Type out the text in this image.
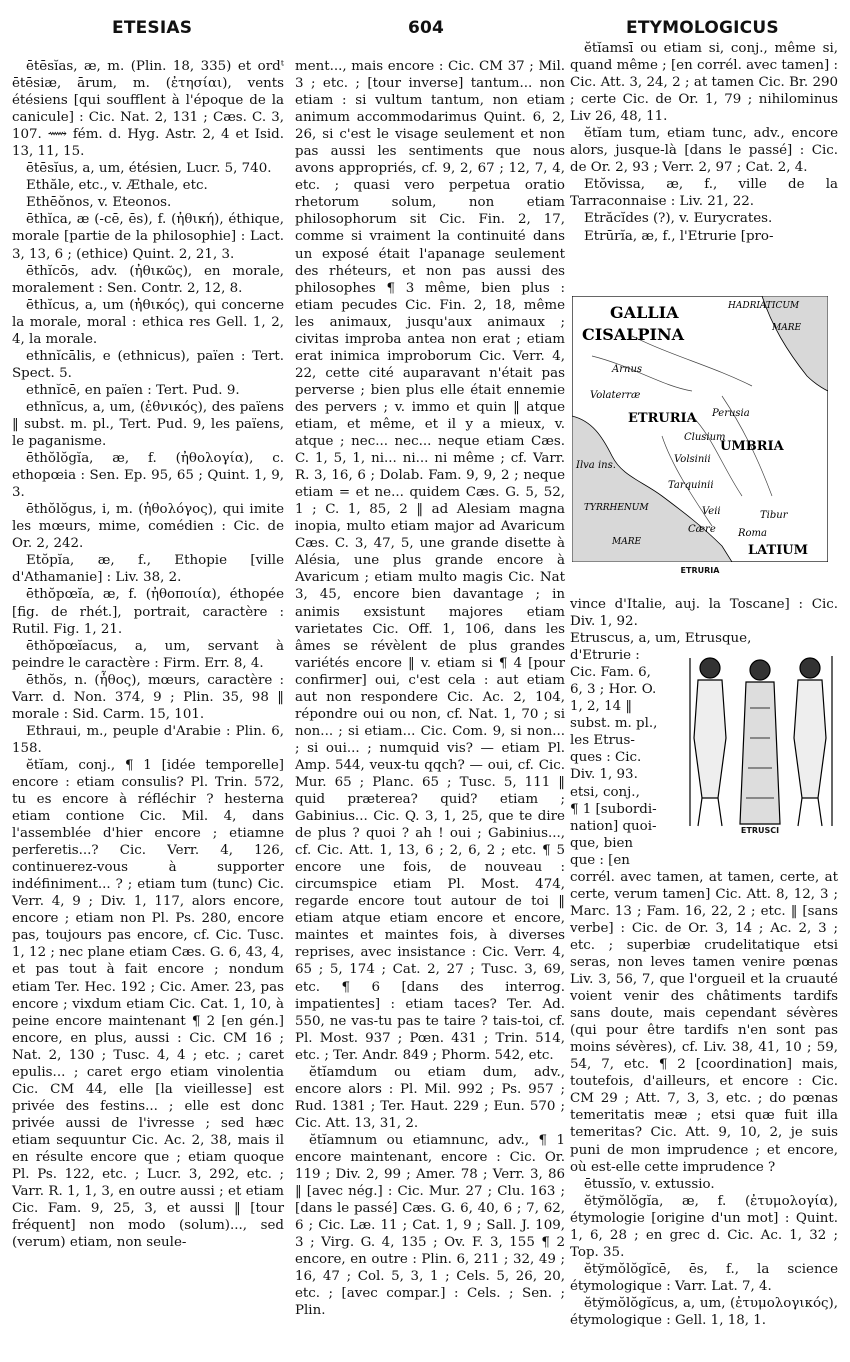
ETESIAS	604	ETYMOLOGICUS

ētēsĭas, æ, m. (Plin. 18, 335) et ordᵗ ētēsiæ, ārum, m. (ἐτησίαι), vents étésiens [qui soufflent à l'époque de la canicule] : Cic. Nat. 2, 131 ; Cæs. C. 3, 107. ⟿ fém. d. Hyg. Astr. 2, 4 et Isid. 13, 11, 15.

ētēsĭus, a, um, étésien, Lucr. 5, 740.

Ethăle, etc., v. Æthale, etc.

Ethēŏnos, v. Eteonos.

ēthĭca, æ (-cē, ēs), f. (ἠθική), éthique, morale [partie de la philosophie] : Lact. 3, 13, 6 ; (ethice) Quint. 2, 21, 3.

ēthĭcōs, adv. (ἠθικῶς), en morale, moralement : Sen. Contr. 2, 12, 8.

ēthĭcus, a, um (ἠθικός), qui concerne la morale, moral : ethica res Gell. 1, 2, 4, la morale.

ethnĭcālis, e (ethnicus), païen : Tert. Spect. 5.

ethnĭcē, en païen : Tert. Pud. 9.

ethnĭcus, a, um, (ἐθνικός), des païens ‖ subst. m. pl., Tert. Pud. 9, les païens, le paganisme.

ēthŏlŏgĭa, æ, f. (ἠθολογία), c. ethopœia : Sen. Ep. 95, 65 ; Quint. 1, 9, 3.

ēthŏlŏgus, i, m. (ἠθολόγος), qui imite les mœurs, mime, comédien : Cic. de Or. 2, 242.

Etŏpĭa, æ, f., Ethopie [ville d'Athamanie] : Liv. 38, 2.

ēthŏpœĭa, æ, f. (ἠθοποιία), éthopée [fig. de rhét.], portrait, caractère : Rutil. Fig. 1, 21.

ēthŏpœĭacus, a, um, servant à peindre le caractère : Firm. Err. 8, 4.

ēthŏs, n. (ἦθος), mœurs, caractère : Varr. d. Non. 374, 9 ; Plin. 35, 98 ‖ morale : Sid. Carm. 15, 101.

Ethraui, m., peuple d'Arabie : Plin. 6, 158.

ĕtĭam, conj., ¶ 1 [idée temporelle] encore : etiam consulis? Pl. Trin. 572, tu es encore à réfléchir ? hesterna etiam contione Cic. Mil. 4, dans l'assemblée d'hier encore ; etiamne perferetis...? Cic. Verr. 4, 126, continuerez-vous à supporter indéfiniment... ? ; etiam tum (tunc) Cic. Verr. 4, 9 ; Div. 1, 117, alors encore, encore ; etiam non Pl. Ps. 280, encore pas, toujours pas encore, cf. Cic. Tusc. 1, 12 ; nec plane etiam Cæs. G. 6, 43, 4, et pas tout à fait encore ; nondum etiam Ter. Hec. 192 ; Cic. Amer. 23, pas encore ; vixdum etiam Cic. Cat. 1, 10, à peine encore maintenant ¶ 2 [en gén.] encore, en plus, aussi : Cic. CM 16 ; Nat. 2, 130 ; Tusc. 4, 4 ; etc. ; caret epulis... ; caret ergo etiam vinolentia Cic. CM 44, elle [la vieillesse] est privée des festins... ; elle est donc privée aussi de l'ivresse ; sed hæc etiam sequuntur Cic. Ac. 2, 38, mais il en résulte encore que ; etiam quoque Pl. Ps. 122, etc. ; Lucr. 3, 292, etc. ; Varr. R. 1, 1, 3, en outre aussi ; et etiam Cic. Fam. 9, 25, 3, et aussi ‖ [tour fréquent] non modo (solum)..., sed (verum) etiam, non seule-

ment..., mais encore : Cic. CM 37 ; Mil. 3 ; etc. ; [tour inverse] tantum... non etiam : si vultum tantum, non etiam animum accommodarimus Quint. 6, 2, 26, si c'est le visage seulement et non pas aussi les sentiments que nous avons appropriés, cf. 9, 2, 67 ; 12, 7, 4, etc. ; quasi vero perpetua oratio rhetorum solum, non etiam philosophorum sit Cic. Fin. 2, 17, comme si vraiment la continuité dans un exposé était l'apanage seulement des rhéteurs, et non pas aussi des philosophes ¶ 3 même, bien plus : etiam pecudes Cic. Fin. 2, 18, même les animaux, jusqu'aux animaux ; civitas improba antea non erat ; etiam erat inimica improborum Cic. Verr. 4, 22, cette cité auparavant n'était pas perverse ; bien plus elle était ennemie des pervers ; v. immo et quin ‖ atque etiam, et même, et il y a mieux, v. atque ; nec... nec... neque etiam Cæs. C. 1, 5, 1, ni... ni... ni même ; cf. Varr. R. 3, 16, 6 ; Dolab. Fam. 9, 9, 2 ; neque etiam = et ne... quidem Cæs. G. 5, 52, 1 ; C. 1, 85, 2 ‖ ad Alesiam magna inopia, multo etiam major ad Avaricum Cæs. C. 3, 47, 5, une grande disette à Alésia, une plus grande encore à Avaricum ; etiam multo magis Cic. Nat 3, 45, encore bien davantage ; in animis exsistunt majores etiam varietates Cic. Off. 1, 106, dans les âmes se révèlent de plus grandes variétés encore ‖ v. etiam si ¶ 4 [pour confirmer] oui, c'est cela : aut etiam aut non respondere Cic. Ac. 2, 104, répondre oui ou non, cf. Nat. 1, 70 ; si non... ; si etiam... Cic. Com. 9, si non... ; si oui... ; numquid vis? — etiam Pl. Amp. 544, veux-tu qqch? — oui, cf. Cic. Mur. 65 ; Planc. 65 ; Tusc. 5, 111 ‖ quid præterea? quid? etiam ; Gabinius... Cic. Q. 3, 1, 25, que te dire de plus ? quoi ? ah ! oui ; Gabinius..., cf. Cic. Att. 1, 13, 6 ; 2, 6, 2 ; etc. ¶ 5 encore une fois, de nouveau : circumspice etiam Pl. Most. 474, regarde encore tout autour de toi ‖ etiam atque etiam encore et encore, maintes et maintes fois, à diverses reprises, avec insistance : Cic. Verr. 4, 65 ; 5, 174 ; Cat. 2, 27 ; Tusc. 3, 69, etc. ¶ 6 [dans des interrog. impatientes] : etiam taces? Ter. Ad. 550, ne vas-tu pas te taire ? tais-toi, cf. Pl. Most. 937 ; Pœn. 431 ; Trin. 514, etc. ; Ter. Andr. 849 ; Phorm. 542, etc.

ĕtĭamdum ou etiam dum, adv., encore alors : Pl. Mil. 992 ; Ps. 957 ; Rud. 1381 ; Ter. Haut. 229 ; Eun. 570 ; Cic. Att. 13, 31, 2.

ĕtĭamnum ou etiamnunc, adv., ¶ 1 encore maintenant, encore : Cic. Or. 119 ; Div. 2, 99 ; Amer. 78 ; Verr. 3, 86 ‖ [avec nég.] : Cic. Mur. 27 ; Clu. 163 ; [dans le passé] Cæs. G. 6, 40, 6 ; 7, 62, 6 ; Cic. Læ. 11 ; Cat. 1, 9 ; Sall. J. 109, 3 ; Virg. G. 4, 135 ; Ov. F. 3, 155 ¶ 2 encore, en outre : Plin. 6, 211 ; 32, 49 ; 16, 47 ; Col. 5, 3, 1 ; Cels. 5, 26, 20, etc. ; [avec compar.] : Cels. ; Sen. ; Plin.

ĕtĭamsī ou etiam si, conj., même si, quand même ; [en corrél. avec tamen] : Cic. Att. 3, 24, 2 ; at tamen Cic. Br. 290 ; certe Cic. de Or. 1, 79 ; nihilominus Liv 26, 48, 11.

ĕtĭam tum, etiam tunc, adv., encore alors, jusque-là [dans le passé] : Cic. de Or. 2, 93 ; Verr. 2, 97 ; Cat. 2, 4.

Etŏvissa, æ, f., ville de la Tarraconnaise : Liv. 21, 22.

Etrăcĭdes (?), v. Eurycrates.

Etrūrĭa, æ, f., l'Etrurie [pro-

GALLIA
CISALPINA
HADRIATICUM
MARE
Arnus
Volaterræ
ETRURIA
Clusium
Perusia
UMBRIA
Volsinii
Ilva ins.
Tarquinii
TYRRHENUM
MARE
Veii
Cære
Tibur
Roma
LATIUM
ETRURIA

vince d'Italie, auj. la Toscane] : Cic. Div. 1, 92.

Etruscus, a, um, Etrusque,
d'Etrurie :
Cic. Fam. 6,
6, 3 ; Hor. O.
1, 2, 14 ‖
subst. m. pl.,
les Etrus-
ques : Cic.
Div. 1, 93.
etsi, conj.,
¶ 1 [subordi-
nation] quoi-
que, bien
que : [en

corrél. avec tamen, at tamen, certe, at certe, verum tamen] Cic. Att. 8, 12, 3 ; Marc. 13 ; Fam. 16, 22, 2 ; etc. ‖ [sans verbe] : Cic. de Or. 3, 14 ; Ac. 2, 3 ; etc. ; superbiæ crudelitatique etsi seras, non leves tamen venire pœnas Liv. 3, 56, 7, que l'orgueil et la cruauté voient venir des châtiments tardifs sans doute, mais cependant sévères (qui pour être tardifs n'en sont pas moins sévères), cf. Liv. 38, 41, 10 ; 59, 54, 7, etc. ¶ 2 [coordination] mais, toutefois, d'ailleurs, et encore : Cic. CM 29 ; Att. 7, 3, 3, etc. ; do pœnas temeritatis meæ ; etsi quæ fuit illa temeritas? Cic. Att. 9, 10, 2, je suis puni de mon imprudence ; et encore, où est-elle cette imprudence ?

ētussĭo, v. extussio.

ĕtўmŏlŏgĭa, æ, f. (ἐτυμολογία), étymologie [origine d'un mot] : Quint. 1, 6, 28 ; en grec d. Cic. Ac. 1, 32 ; Top. 35.

ĕtўmŏlŏgĭcē, ēs, f., la science étymologique : Varr. Lat. 7, 4.

ĕtўmŏlŏgĭcus, a, um, (ἐτυμολογικός), étymologique : Gell. 1, 18, 1.

ETRUSCI
